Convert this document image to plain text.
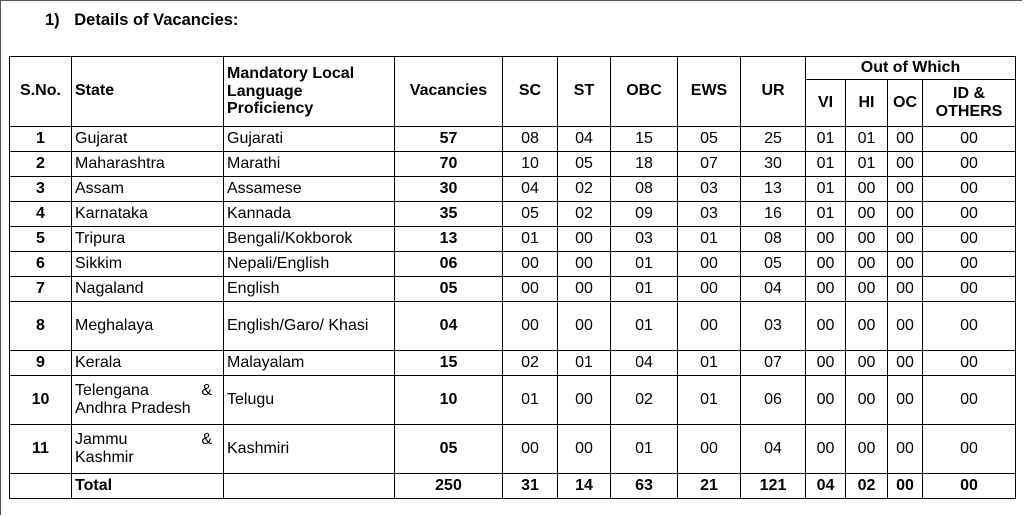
1) Details of Vacancies:
S.No.	State	Mandatory Local Language Proficiency	Vacancies	SC	ST	OBC	EWS	UR	Out of Which			
									VI	HI	OC	ID & OTHERS
1	Gujarat	Gujarati	57	08	04	15	05	25	01	01	00	00
2	Maharashtra	Marathi	70	10	05	18	07	30	01	01	00	00
3	Assam	Assamese	30	04	02	08	03	13	01	00	00	00
4	Karnataka	Kannada	35	05	02	09	03	16	01	00	00	00
5	Tripura	Bengali/Kokborok	13	01	00	03	01	08	00	00	00	00
6	Sikkim	Nepali/English	06	00	00	01	00	05	00	00	00	00
7	Nagaland	English	05	00	00	01	00	04	00	00	00	00
8	Meghalaya	English/Garo/ Khasi	04	00	00	01	00	03	00	00	00	00
9	Kerala	Malayalam	15	02	01	04	01	07	00	00	00	00
10	Telengana &
Andhra Pradesh	Telugu	10	01	00	02	01	06	00	00	00	00
11	Jammu &
Kashmir	Kashmiri	05	00	00	01	00	04	00	00	00	00
	Total		250	31	14	63	21	121	04	02	00	00
